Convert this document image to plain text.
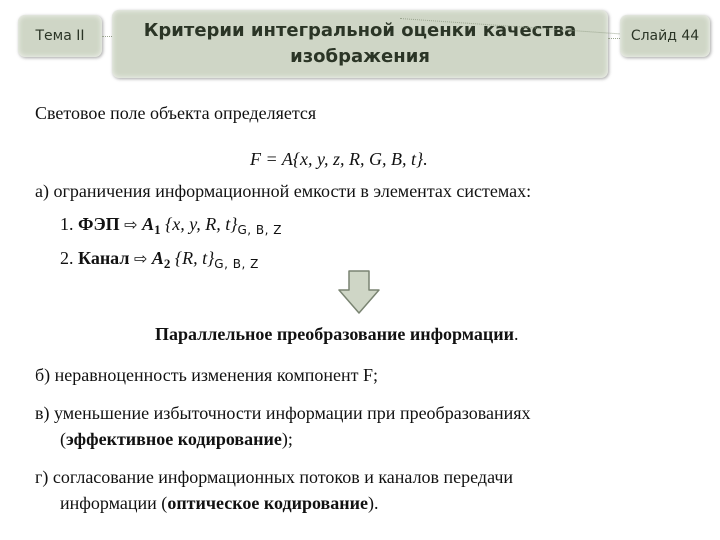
Тема II	Критерии интегральной оценки качества
изображения
Слайд 44
Световое поле объекта определяется
F = A{x, y, z, R, G, B, t}.
а) ограничения информационной емкости в элементах системах:
1. ФЭП ⇨ $A_1$ {x, y, R, $t\}_{G, B, Z}$
2. Канал ⇨ $A_2$ {R, $t\}_{G, B, Z}$
Параллельное преобразование информации.
б) неравноценность изменения компонент F;
в) уменьшение избыточности информации при преобразованиях
(эффективное кодирование);
г) согласование информационных потоков и каналов передачи
информации (оптическое кодирование).
